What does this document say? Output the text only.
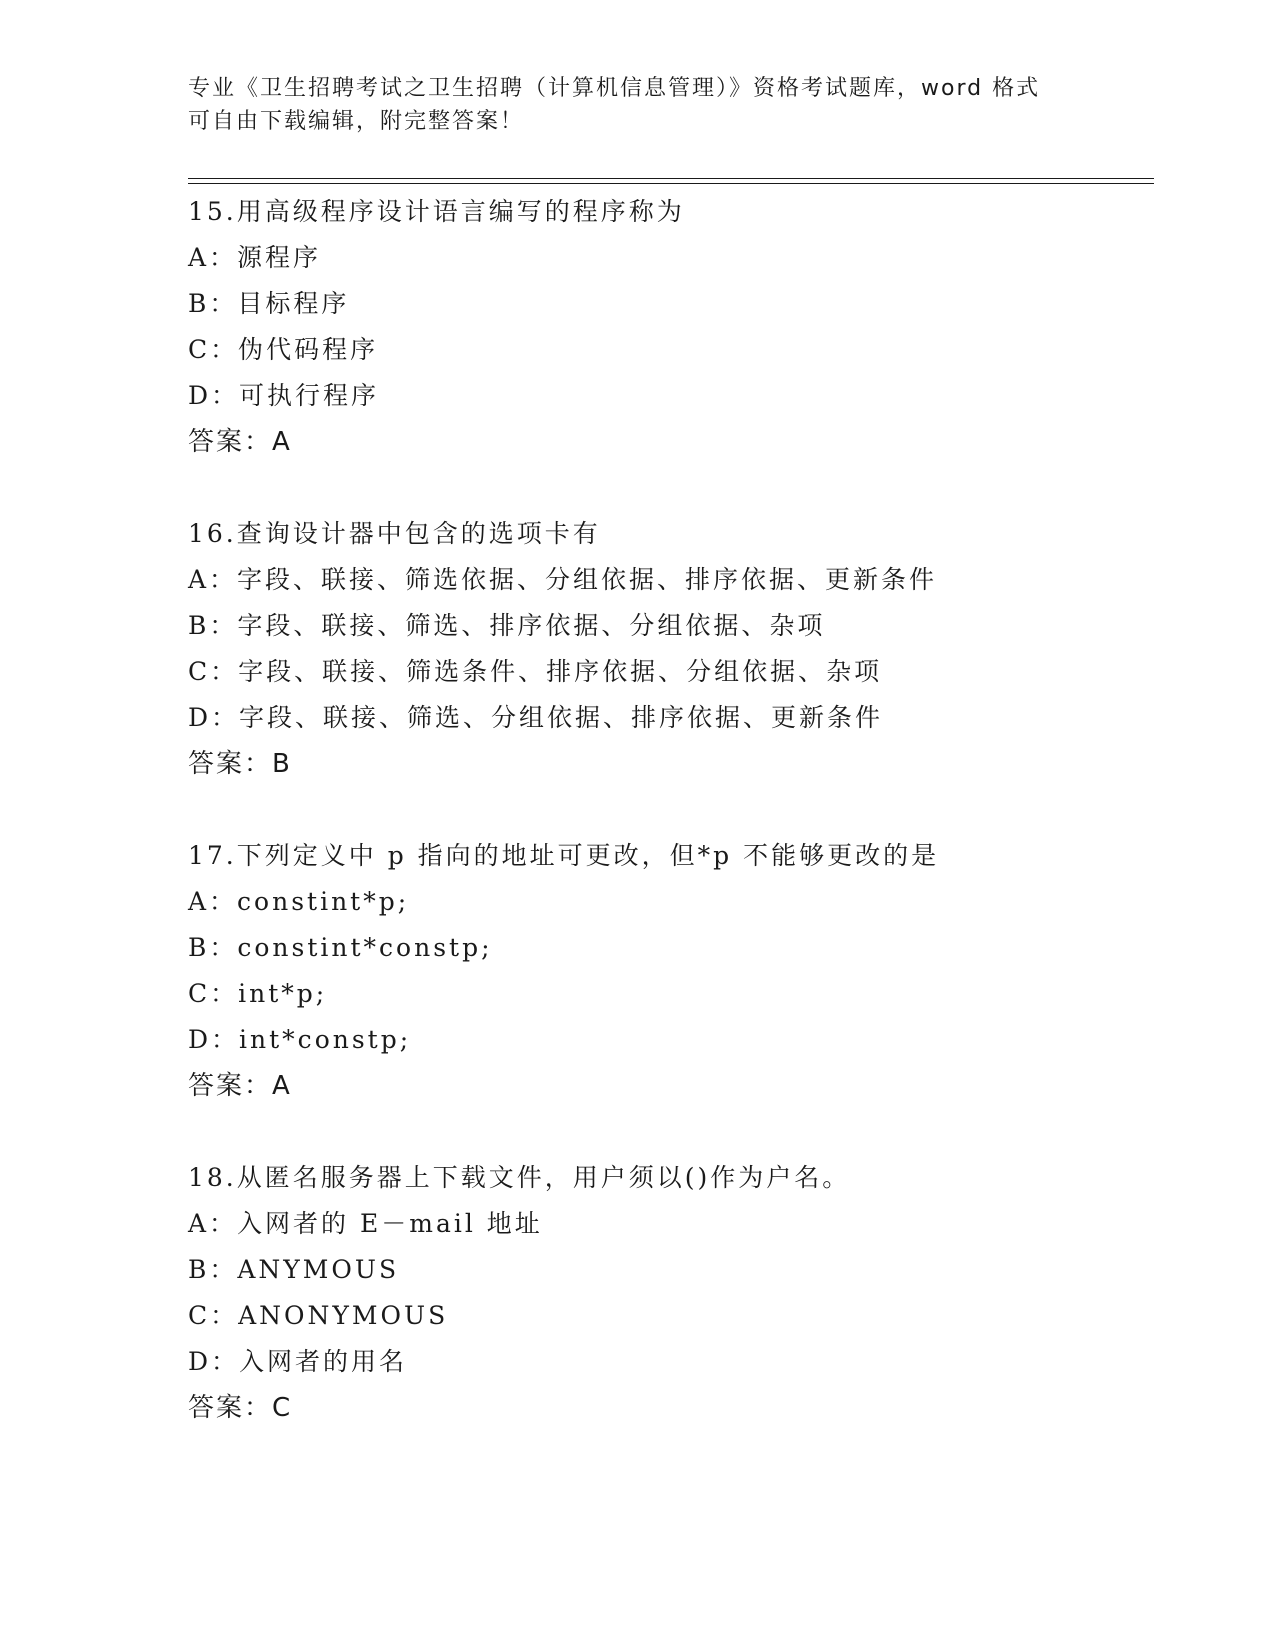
专业《卫生招聘考试之卫生招聘（计算机信息管理）》资格考试题库，word 格式
可自由下载编辑，附完整答案！
15.用高级程序设计语言编写的程序称为
A：源程序
B：目标程序
C：伪代码程序
D：可执行程序
答案：A
16.查询设计器中包含的选项卡有
A：字段、联接、筛选依据、分组依据、排序依据、更新条件
B：字段、联接、筛选、排序依据、分组依据、杂项
C：字段、联接、筛选条件、排序依据、分组依据、杂项
D：字段、联接、筛选、分组依据、排序依据、更新条件
答案：B
17.下列定义中 p 指向的地址可更改，但*p 不能够更改的是
A：constint*p;
B：constint*constp;
C：int*p;
D：int*constp;
答案：A
18.从匿名服务器上下载文件，用户须以()作为户名。
A：入网者的 E－mail 地址
B：ANYMOUS
C：ANONYMOUS
D：入网者的用名
答案：C
